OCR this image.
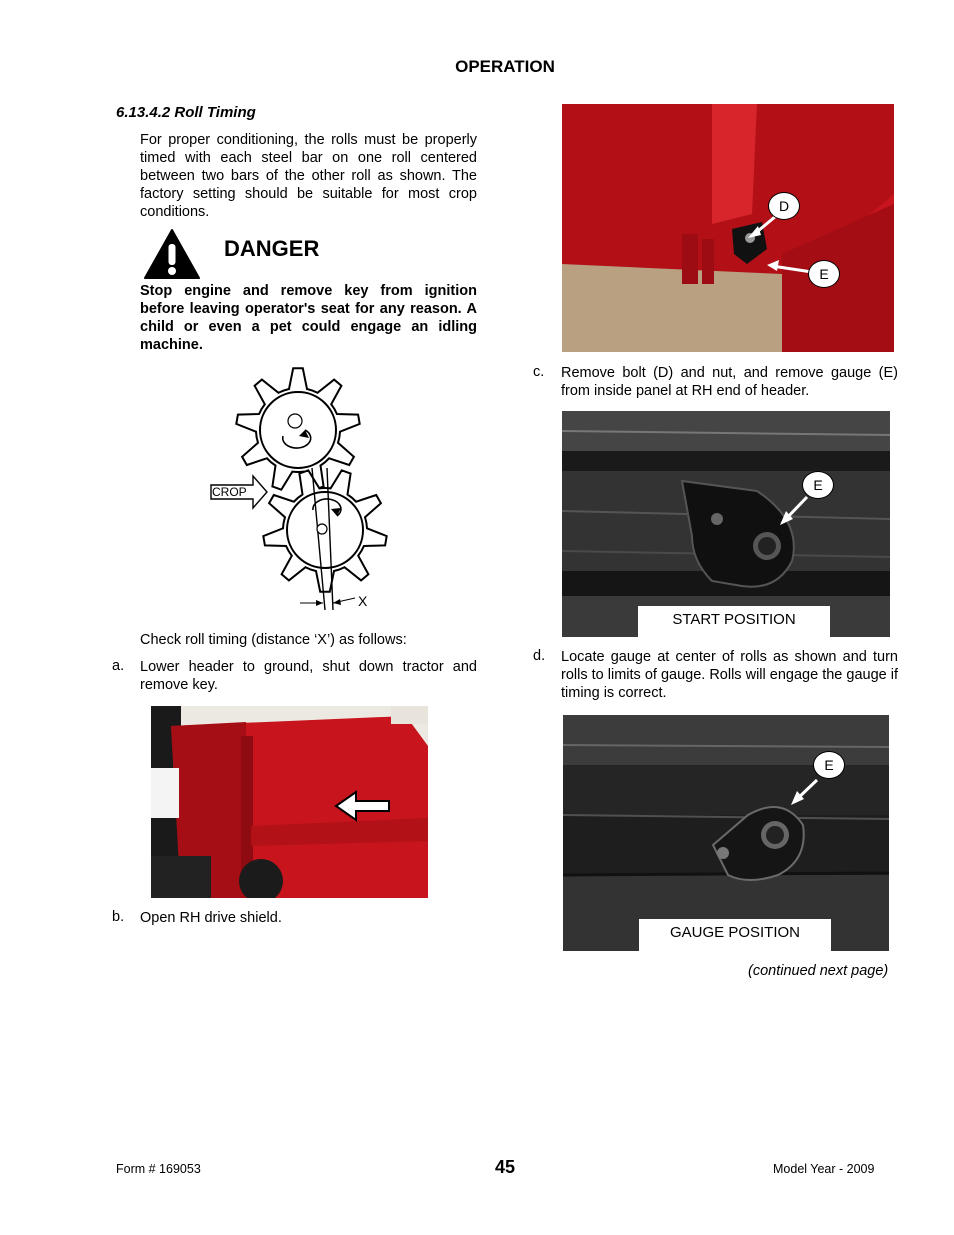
OPERATION
6.13.4.2 Roll Timing
For proper conditioning, the rolls must be properly timed with each steel bar on one roll centered between two bars of the other roll as shown. The factory setting should be suitable for most crop conditions.
DANGER
Stop engine and remove key from ignition before leaving operator's seat for any reason. A child or even a pet could engage an idling machine.
CROP
X
Check roll timing (distance ‘X’) as follows:
a. Lower header to ground, shut down tractor and remove key.
b. Open RH drive shield.
D
E
c. Remove bolt (D) and nut, and remove gauge (E) from inside panel at RH end of header.
E
START POSITION
d. Locate gauge at center of rolls as shown and turn rolls to limits of gauge. Rolls will engage the gauge if timing is correct.
E
GAUGE POSITION
(continued next page)
Form # 169053	45	Model Year - 2009
